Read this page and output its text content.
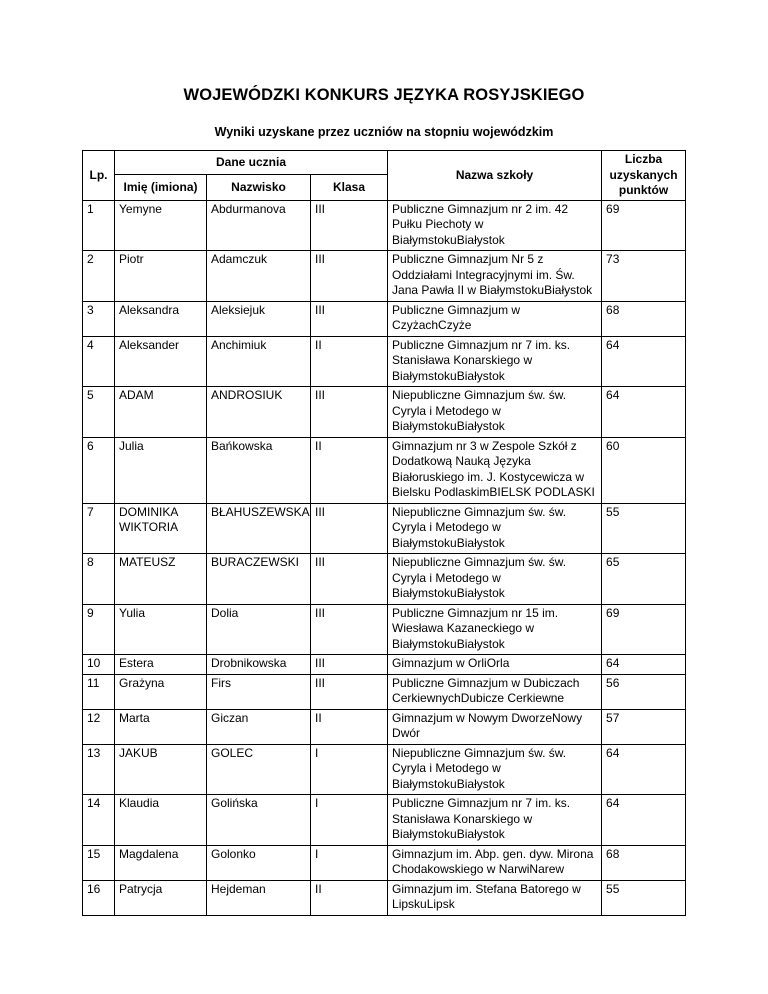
WOJEWÓDZKI KONKURS JĘZYKA ROSYJSKIEGO
Wyniki uzyskane przez uczniów na stopniu wojewódzkim
Lp.	Dane ucznia			Nazwa szkoły	Liczba uzyskanych punktów
	Imię (imiona)	Nazwisko	Klasa		
1	Yemyne	Abdurmanova	III	Publiczne Gimnazjum nr 2 im. 42 Pułku Piechoty w BiałymstokuBiałystok	69
2	Piotr	Adamczuk	III	Publiczne Gimnazjum Nr 5 z Oddziałami Integracyjnymi im. Św. Jana Pawła II w BiałymstokuBiałystok	73
3	Aleksandra	Aleksiejuk	III	Publiczne Gimnazjum w CzyżachCzyże	68
4	Aleksander	Anchimiuk	II	Publiczne Gimnazjum nr 7 im. ks. Stanisława Konarskiego w BiałymstokuBiałystok	64
5	ADAM	ANDROSIUK	III	Niepubliczne Gimnazjum św. św. Cyryla i Metodego w BiałymstokuBiałystok	64
6	Julia	Bańkowska	II	Gimnazjum nr 3 w Zespole Szkół z Dodatkową Nauką Języka Białoruskiego im. J. Kostycewicza w Bielsku PodlaskimBIELSK PODLASKI	60
7	DOMINIKA WIKTORIA	BŁAHUSZEWSKA	III	Niepubliczne Gimnazjum św. św. Cyryla i Metodego w BiałymstokuBiałystok	55
8	MATEUSZ	BURACZEWSKI	III	Niepubliczne Gimnazjum św. św. Cyryla i Metodego w BiałymstokuBiałystok	65
9	Yulia	Dolia	III	Publiczne Gimnazjum nr 15 im. Wiesława Kazaneckiego w BiałymstokuBiałystok	69
10	Estera	Drobnikowska	III	Gimnazjum w OrliOrla	64
11	Grażyna	Firs	III	Publiczne Gimnazjum w Dubiczach CerkiewnychDubicze Cerkiewne	56
12	Marta	Giczan	II	Gimnazjum w Nowym DworzeNowy Dwór	57
13	JAKUB	GOLEC	I	Niepubliczne Gimnazjum św. św. Cyryla i Metodego w BiałymstokuBiałystok	64
14	Klaudia	Golińska	I	Publiczne Gimnazjum nr 7 im. ks. Stanisława Konarskiego w BiałymstokuBiałystok	64
15	Magdalena	Golonko	I	Gimnazjum im. Abp. gen. dyw. Mirona Chodakowskiego w NarwiNarew	68
16	Patrycja	Hejdeman	II	Gimnazjum im. Stefana Batorego w LipskuLipsk	55
